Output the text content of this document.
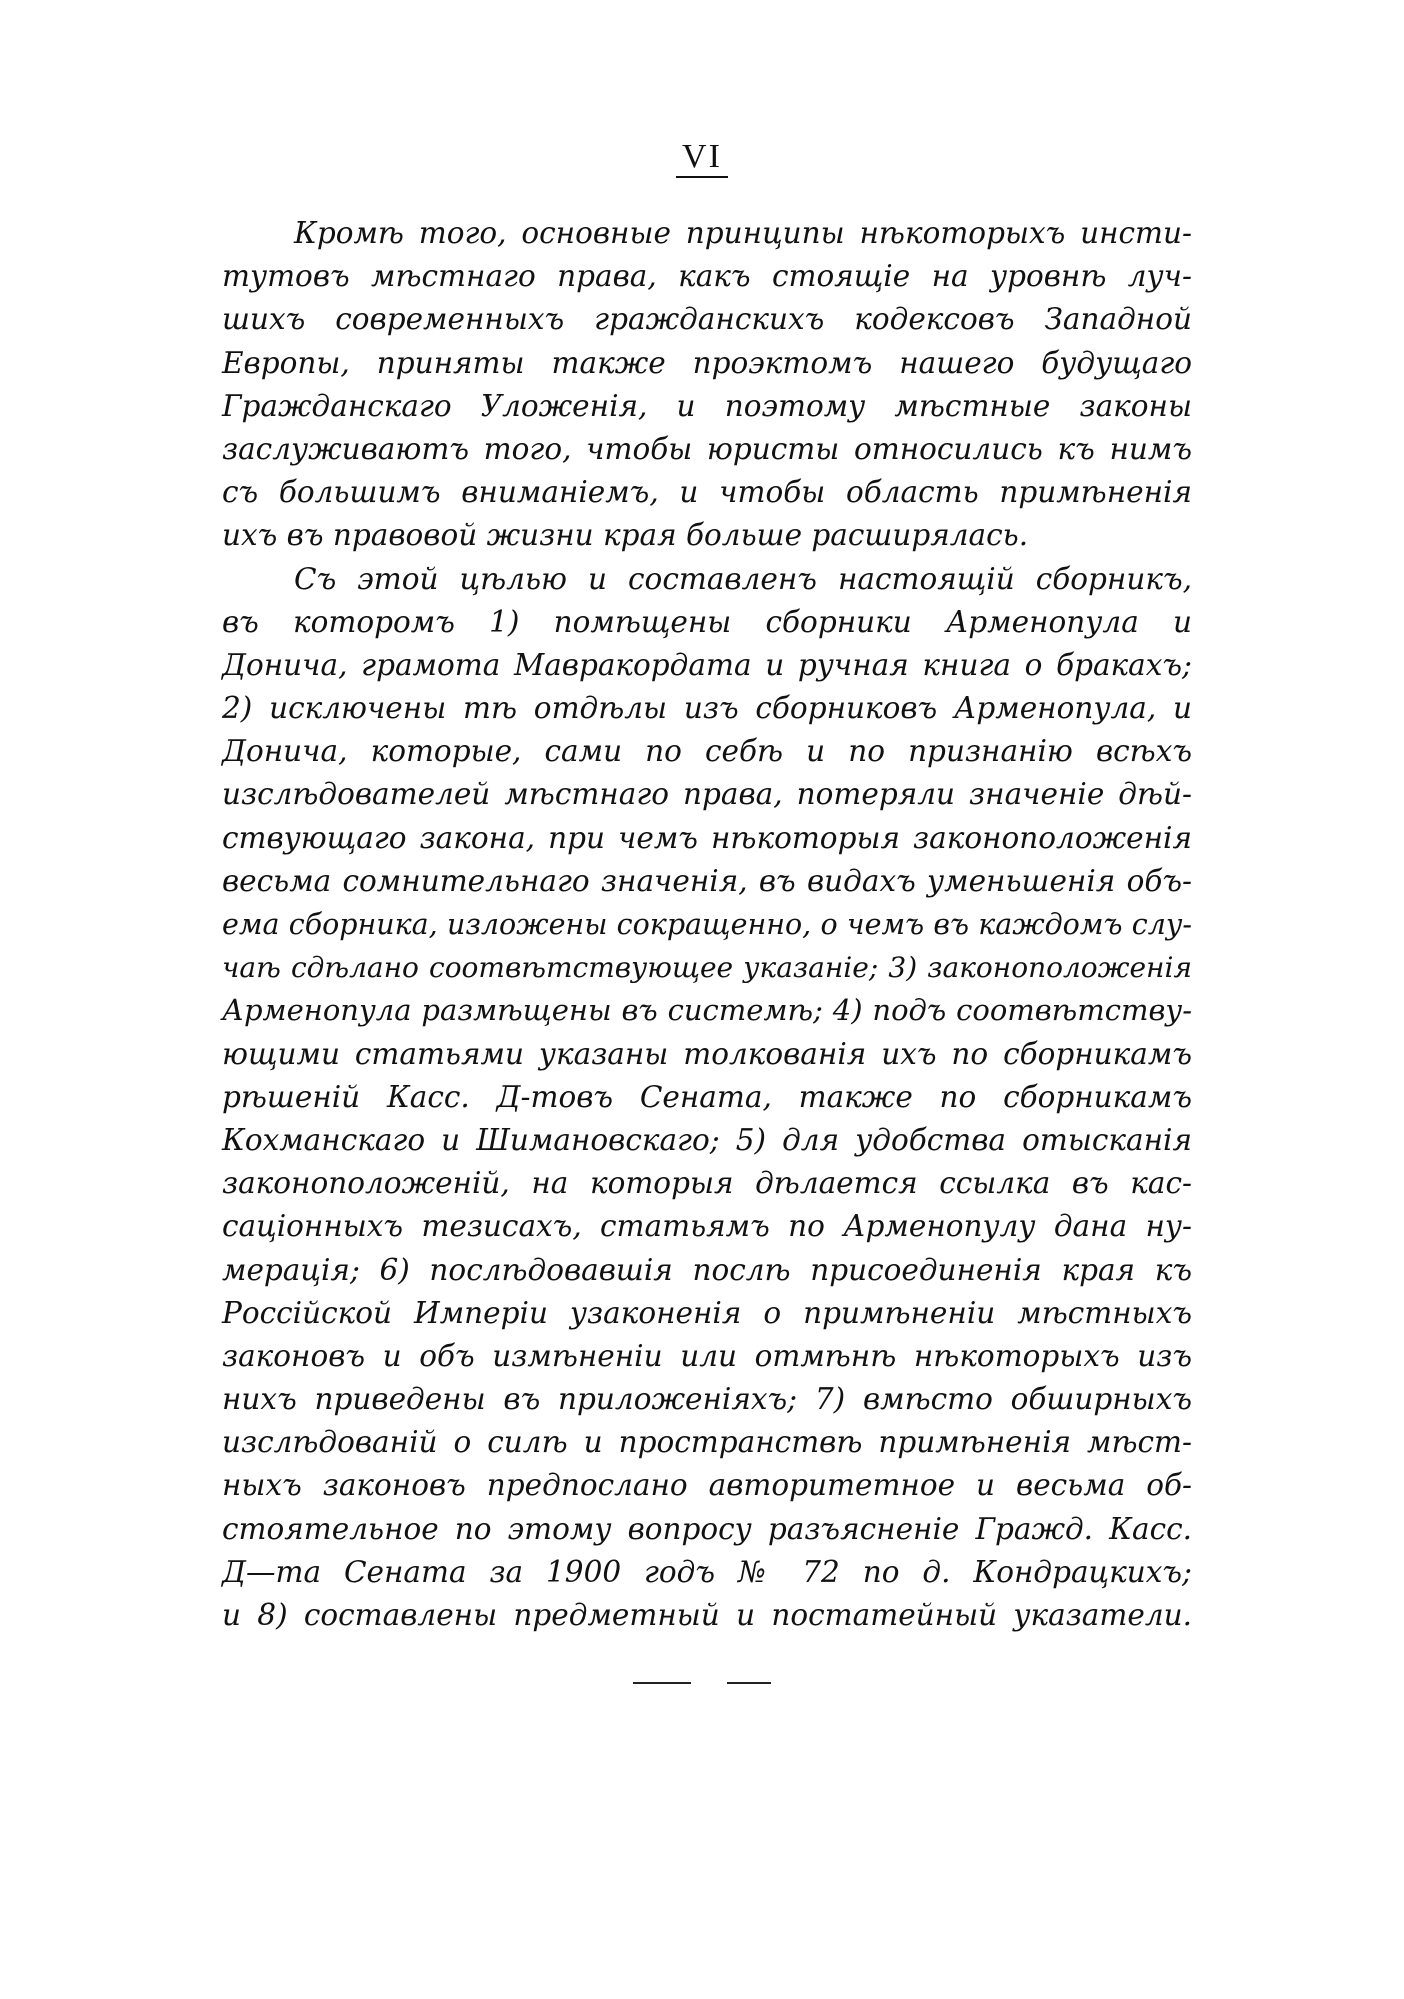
VI
Кромѣ того, основные принципы нѣкоторыхъ инсти-
тутовъ мѣстнаго права, какъ стоящіе на уровнѣ луч-
шихъ современныхъ гражданскихъ кодексовъ Западной
Европы, приняты также проэктомъ нашего будущаго
Гражданскаго Уложенія, и поэтому мѣстные законы
заслуживаютъ того, чтобы юристы относились къ нимъ
съ большимъ вниманіемъ, и чтобы область примѣненія
ихъ въ правовой жизни края больше расширялась.
Съ этой цѣлью и составленъ настоящій сборникъ,
въ которомъ 1) помѣщены сборники Арменопула и
Донича, грамота Мавракордата и ручная книга о бракахъ;
2) исключены тѣ отдѣлы изъ сборниковъ Арменопула, и
Донича, которые, сами по себѣ и по признанію всѣхъ
изслѣдователей мѣстнаго права, потеряли значеніе дѣй-
ствующаго закона, при чемъ нѣкоторыя законоположенія
весьма сомнительнаго значенія, въ видахъ уменьшенія объ-
ема сборника, изложены сокращенно, о чемъ въ каждомъ слу-
чаѣ сдѣлано соотвѣтствующее указаніе; 3) законоположенія
Арменопула размѣщены въ системѣ; 4) подъ соотвѣтству-
ющими статьями указаны толкованія ихъ по сборникамъ
рѣшеній Касс. Д-товъ Сената, также по сборникамъ
Кохманскаго и Шимановскаго; 5) для удобства отысканія
законоположеній, на которыя дѣлается ссылка въ кас-
саціонныхъ тезисахъ, статьямъ по Арменопулу дана ну-
мерація; 6) послѣдовавшія послѣ присоединенія края къ
Россійской Имперіи узаконенія о примѣненіи мѣстныхъ
законовъ и объ измѣненіи или отмѣнѣ нѣкоторыхъ изъ
нихъ приведены въ приложеніяхъ; 7) вмѣсто обширныхъ
изслѣдованій о силѣ и пространствѣ примѣненія мѣст-
ныхъ законовъ предпослано авторитетное и весьма об-
стоятельное по этому вопросу разъясненіе Гражд. Касс.
Д—та Сената за 1900 годъ № 72 по д. Кондрацкихъ;
и 8) составлены предметный и постатейный указатели.
